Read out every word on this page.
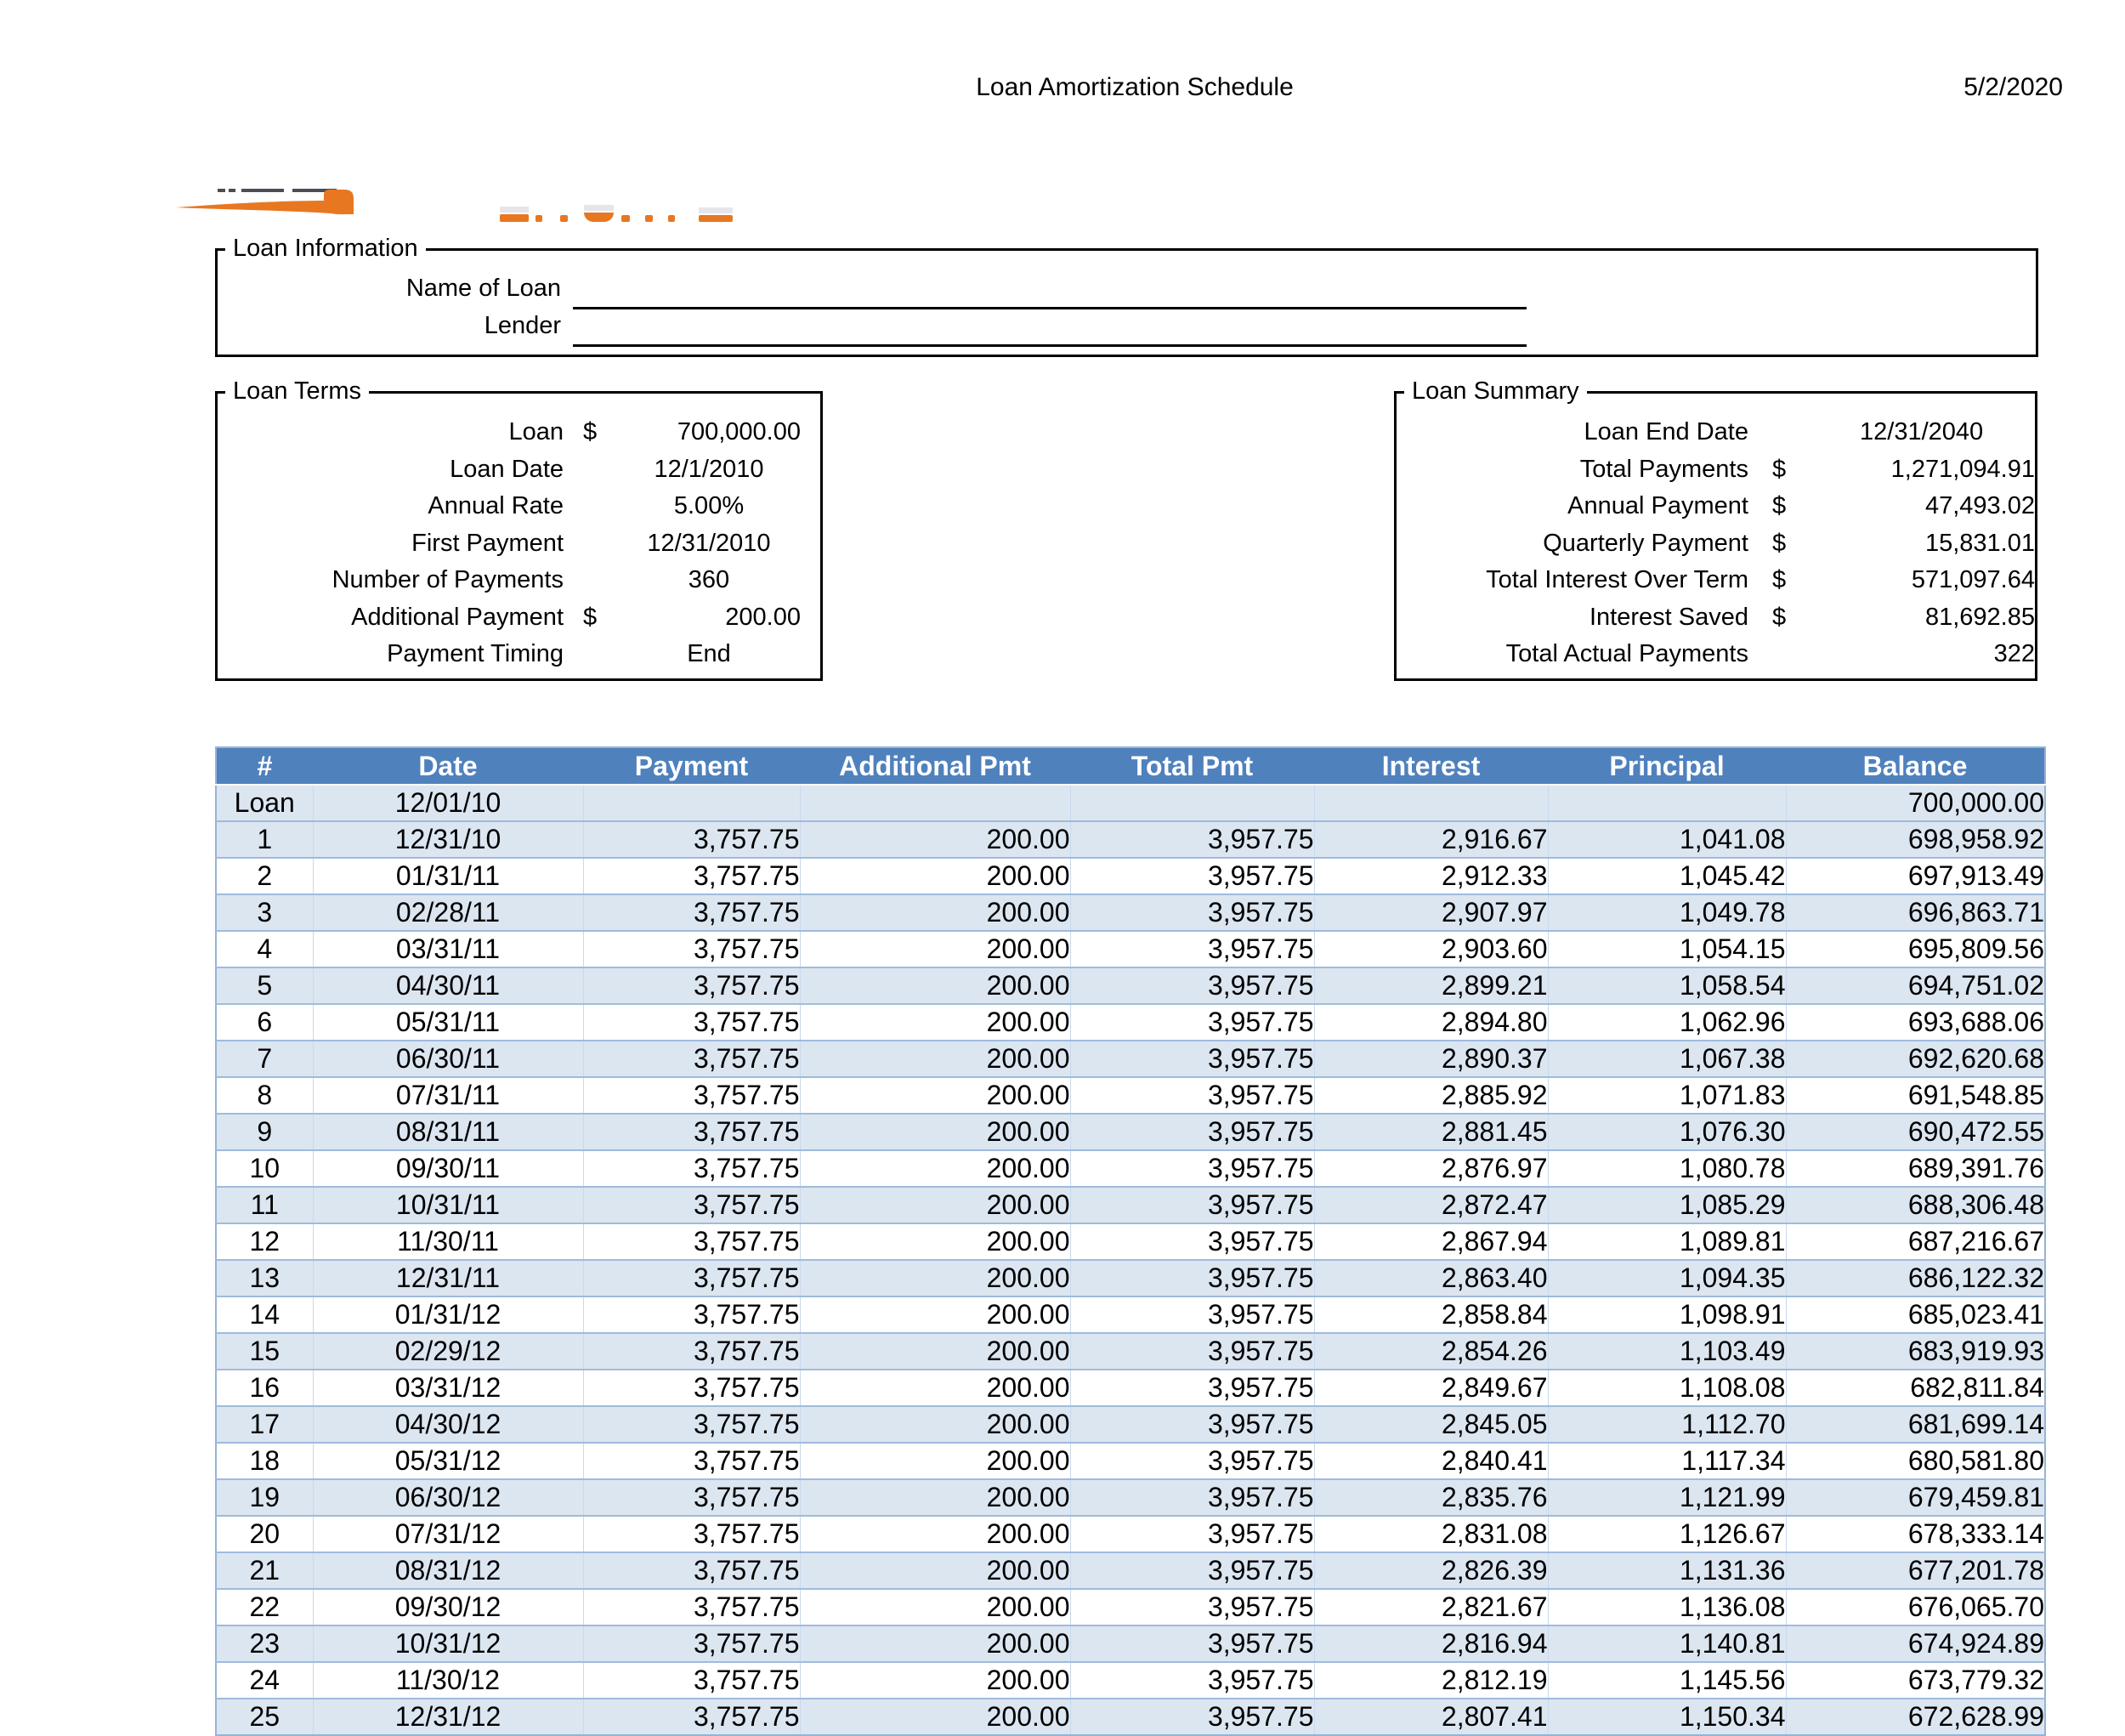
Loan Amortization Schedule	5/2/2020
Loan Information
Name of Loan
Lender
Loan Terms
Loan $	700,000.00
Loan Date	12/1/2010
Annual Rate	5.00%
First Payment	12/31/2010
Number of Payments	360
Additional Payment $	200.00
Payment Timing	End
Loan Summary
Loan End Date	12/31/2040
Total Payments $	1,271,094.91
Annual Payment $	47,493.02
Quarterly Payment $	15,831.01
Total Interest Over Term $	571,097.64
Interest Saved $	81,692.85
Total Actual Payments	322
#	Date	Payment	Additional Pmt	Total Pmt	Interest	Principal	Balance
Loan	12/01/10						700,000.00
1	12/31/10	3,757.75	200.00	3,957.75	2,916.67	1,041.08	698,958.92
2	01/31/11	3,757.75	200.00	3,957.75	2,912.33	1,045.42	697,913.49
3	02/28/11	3,757.75	200.00	3,957.75	2,907.97	1,049.78	696,863.71
4	03/31/11	3,757.75	200.00	3,957.75	2,903.60	1,054.15	695,809.56
5	04/30/11	3,757.75	200.00	3,957.75	2,899.21	1,058.54	694,751.02
6	05/31/11	3,757.75	200.00	3,957.75	2,894.80	1,062.96	693,688.06
7	06/30/11	3,757.75	200.00	3,957.75	2,890.37	1,067.38	692,620.68
8	07/31/11	3,757.75	200.00	3,957.75	2,885.92	1,071.83	691,548.85
9	08/31/11	3,757.75	200.00	3,957.75	2,881.45	1,076.30	690,472.55
10	09/30/11	3,757.75	200.00	3,957.75	2,876.97	1,080.78	689,391.76
11	10/31/11	3,757.75	200.00	3,957.75	2,872.47	1,085.29	688,306.48
12	11/30/11	3,757.75	200.00	3,957.75	2,867.94	1,089.81	687,216.67
13	12/31/11	3,757.75	200.00	3,957.75	2,863.40	1,094.35	686,122.32
14	01/31/12	3,757.75	200.00	3,957.75	2,858.84	1,098.91	685,023.41
15	02/29/12	3,757.75	200.00	3,957.75	2,854.26	1,103.49	683,919.93
16	03/31/12	3,757.75	200.00	3,957.75	2,849.67	1,108.08	682,811.84
17	04/30/12	3,757.75	200.00	3,957.75	2,845.05	1,112.70	681,699.14
18	05/31/12	3,757.75	200.00	3,957.75	2,840.41	1,117.34	680,581.80
19	06/30/12	3,757.75	200.00	3,957.75	2,835.76	1,121.99	679,459.81
20	07/31/12	3,757.75	200.00	3,957.75	2,831.08	1,126.67	678,333.14
21	08/31/12	3,757.75	200.00	3,957.75	2,826.39	1,131.36	677,201.78
22	09/30/12	3,757.75	200.00	3,957.75	2,821.67	1,136.08	676,065.70
23	10/31/12	3,757.75	200.00	3,957.75	2,816.94	1,140.81	674,924.89
24	11/30/12	3,757.75	200.00	3,957.75	2,812.19	1,145.56	673,779.32
25	12/31/12	3,757.75	200.00	3,957.75	2,807.41	1,150.34	672,628.99
